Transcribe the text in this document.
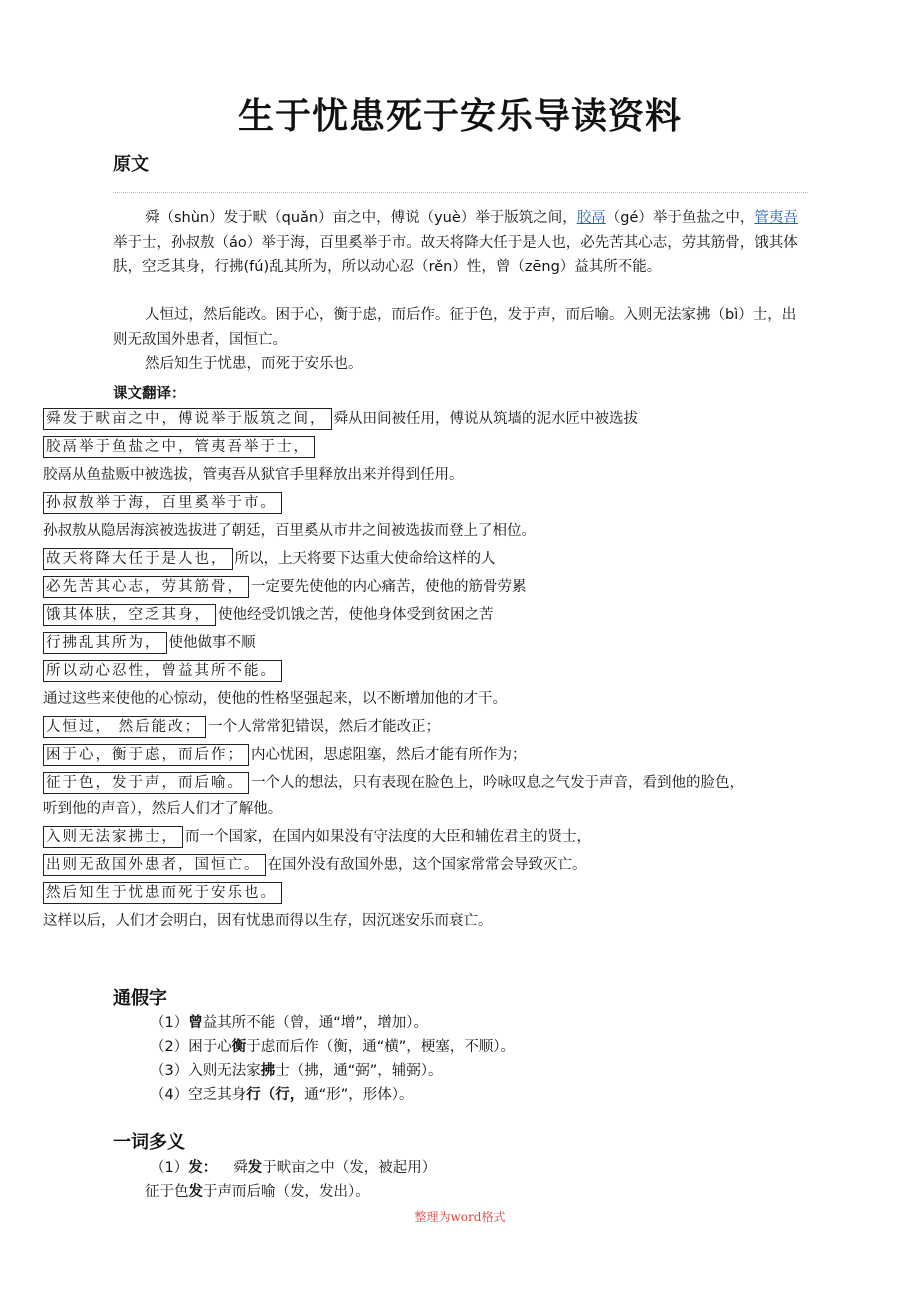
生于忧患死于安乐导读资料
原文
舜（shùn）发于畎（quǎn）亩之中，傅说（yuè）举于版筑之间，胶鬲（gé）举于鱼盐之中，管夷吾举于士，孙叔敖（áo）举于海，百里奚举于市。故天将降大任于是人也，必先苦其心志，劳其筋骨，饿其体肤，空乏其身，行拂(fú)乱其所为，所以动心忍（rěn）性，曾（zēng）益其所不能。
人恒过，然后能改。困于心，衡于虑，而后作。征于色，发于声，而后喻。入则无法家拂（bì）士，出则无敌国外患者，国恒亡。
然后知生于忧患，而死于安乐也。
课文翻译：
舜发于畎亩之中，傅说举于版筑之间， 舜从田间被任用，傅说从筑墙的泥水匠中被选拔
胶鬲举于鱼盐之中，管夷吾举于士，
胶鬲从鱼盐贩中被选拔，管夷吾从狱官手里释放出来并得到任用。
孙叔敖举于海，百里奚举于市。
孙叔敖从隐居海滨被选拔进了朝廷，百里奚从市井之间被选拔而登上了相位。
故天将降大任于是人也， 所以，上天将要下达重大使命给这样的人
必先苦其心志，劳其筋骨， 一定要先使他的内心痛苦，使他的筋骨劳累
饿其体肤，空乏其身， 使他经受饥饿之苦，使他身体受到贫困之苦
行拂乱其所为， 使他做事不顺
所以动心忍性，曾益其所不能。
通过这些来使他的心惊动，使他的性格坚强起来，以不断增加他的才干。
人恒过， 然后能改； 一个人常常犯错误，然后才能改正；
困于心，衡于虑，而后作； 内心忧困，思虑阻塞，然后才能有所作为；
征于色，发于声，而后喻。 一个人的想法，只有表现在脸色上，吟咏叹息之气发于声音，看到他的脸色，
听到他的声音），然后人们才了解他。
入则无法家拂士， 而一个国家，在国内如果没有守法度的大臣和辅佐君主的贤士，
出则无敌国外患者，国恒亡。 在国外没有敌国外患，这个国家常常会导致灭亡。
然后知生于忧患而死于安乐也。
这样以后，人们才会明白，因有忧患而得以生存，因沉迷安乐而衰亡。
通假字
（1）曾益其所不能（曾，通“增”，增加）。
（2）困于心衡于虑而后作（衡，通“横”，梗塞，不顺）。
（3）入则无法家拂士（拂，通“弼”，辅弼）。
（4）空乏其身行（行，通“形”，形体）。
一词多义
（1）发： 舜发于畎亩之中（发，被起用）
征于色发于声而后喻（发，发出）。
整理为word格式
